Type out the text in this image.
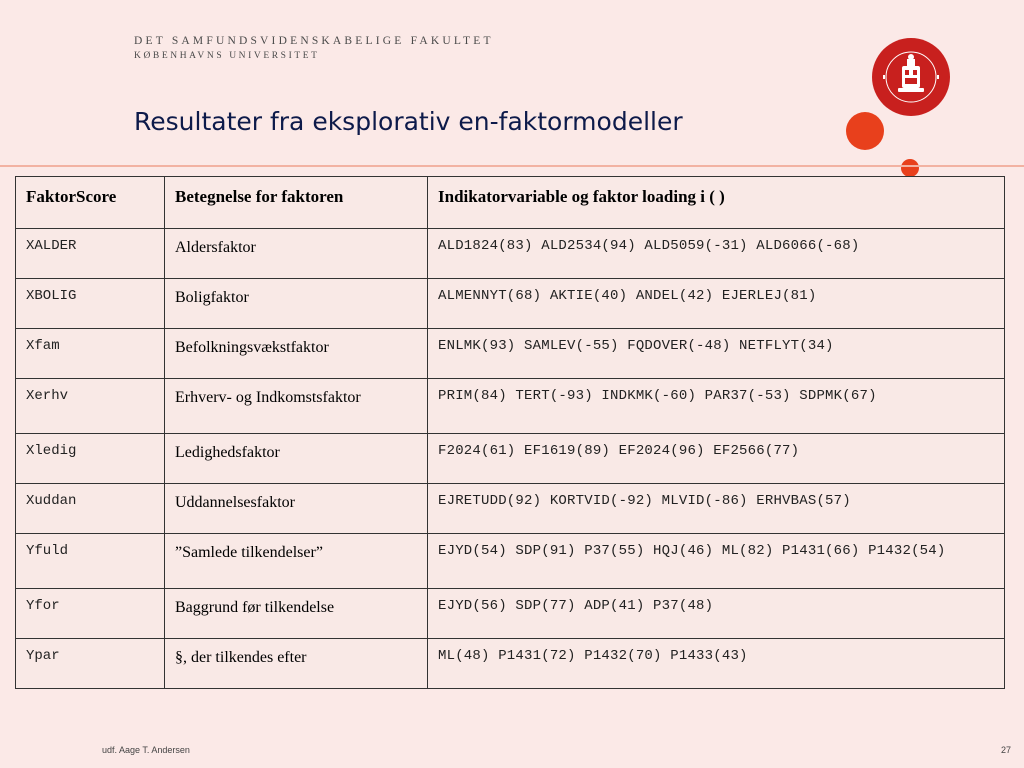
DET SAMFUNDSVIDENSKABELIGE FAKULTET
KØBENHAVNS UNIVERSITET
Resultater fra eksplorativ en-faktormodeller
FaktorScore	Betegnelse for faktoren	Indikatorvariable og faktor loading i ( )
XALDER	Aldersfaktor	ALD1824(83) ALD2534(94) ALD5059(-31) ALD6066(-68)
XBOLIG	Boligfaktor	ALMENNYT(68) AKTIE(40) ANDEL(42) EJERLEJ(81)
Xfam	Befolkningsvækstfaktor	ENLMK(93) SAMLEV(-55) FQDOVER(-48) NETFLYT(34)
Xerhv	Erhverv- og Indkomstsfaktor	PRIM(84) TERT(-93) INDKMK(-60) PAR37(-53) SDPMK(67)
Xledig	Ledighedsfaktor	F2024(61) EF1619(89) EF2024(96) EF2566(77)
Xuddan	Uddannelsesfaktor	EJRETUDD(92) KORTVID(-92) MLVID(-86) ERHVBAS(57)
Yfuld	”Samlede tilkendelser”	EJYD(54) SDP(91) P37(55) HQJ(46) ML(82) P1431(66) P1432(54)
Yfor	Baggrund før tilkendelse	EJYD(56) SDP(77) ADP(41) P37(48)
Ypar	§, der tilkendes efter	ML(48) P1431(72) P1432(70) P1433(43)
udf. Aage T. Andersen	27
